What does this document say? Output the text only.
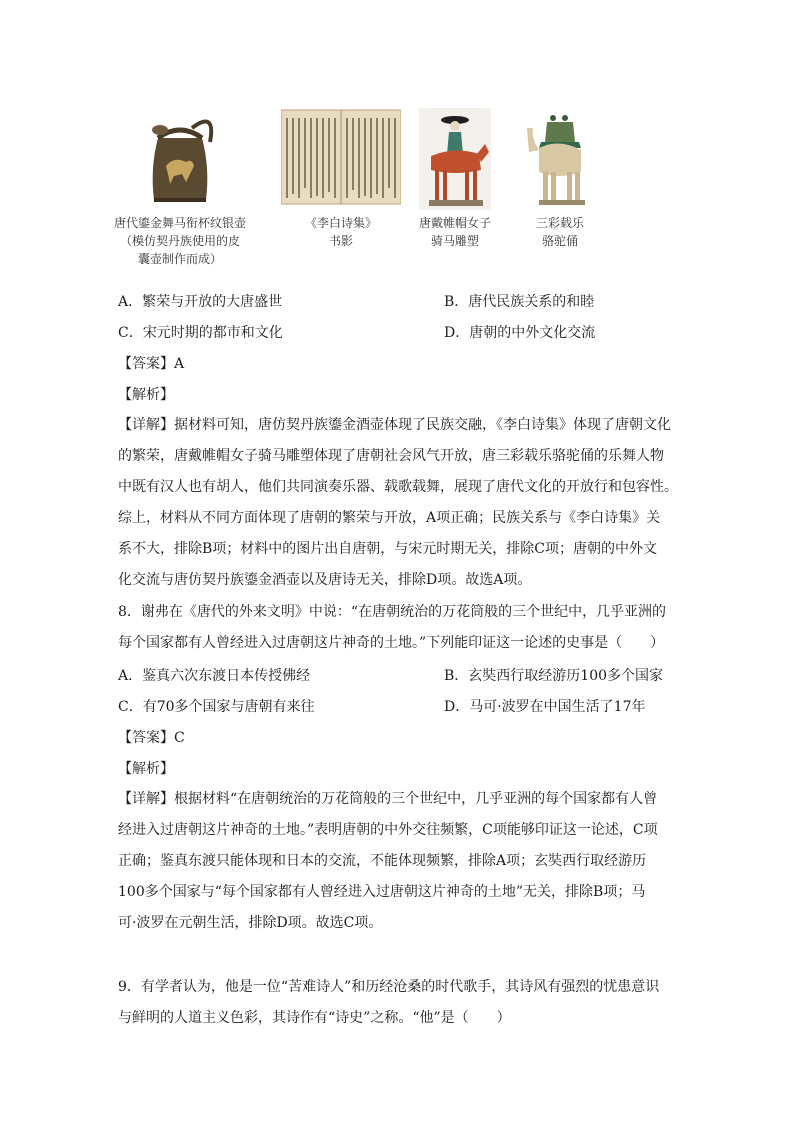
唐代鎏金舞马衔杯纹银壶
（模仿契丹族使用的皮
囊壶制作而成）
《李白诗集》
书影
唐戴帷帽女子
骑马雕塑
三彩载乐
骆驼俑
A．繁荣与开放的大唐盛世	B．唐代民族关系的和睦
C．宋元时期的都市和文化	D．唐朝的中外文化交流
【答案】A
【解析】

【详解】据材料可知，唐仿契丹族鎏金酒壶体现了民族交融，《李白诗集》体现了唐朝文化

的繁荣，唐戴帷帽女子骑马雕塑体现了唐朝社会风气开放，唐三彩载乐骆驼俑的乐舞人物

中既有汉人也有胡人，他们共同演奏乐器、载歌载舞，展现了唐代文化的开放行和包容性。

综上，材料从不同方面体现了唐朝的繁荣与开放，A项正确；民族关系与《李白诗集》关

系不大，排除B项；材料中的图片出自唐朝，与宋元时期无关，排除C项；唐朝的中外文

化交流与唐仿契丹族鎏金酒壶以及唐诗无关，排除D项。故选A项。

8．谢弗在《唐代的外来文明》中说：“在唐朝统治的万花筒般的三个世纪中，几乎亚洲的

每个国家都有人曾经进入过唐朝这片神奇的土地。”下列能印证这一论述的史事是（　　）

A．鉴真六次东渡日本传授佛经	B．玄奘西行取经游历100多个国家
C．有70多个国家与唐朝有来往	D．马可·波罗在中国生活了17年
【答案】C
【解析】

【详解】根据材料“在唐朝统治的万花筒般的三个世纪中，几乎亚洲的每个国家都有人曾

经进入过唐朝这片神奇的土地。”表明唐朝的中外交往频繁，C项能够印证这一论述，C项

正确；鉴真东渡只能体现和日本的交流，不能体现频繁，排除A项；玄奘西行取经游历

100多个国家与“每个国家都有人曾经进入过唐朝这片神奇的土地”无关，排除B项；马

可·波罗在元朝生活，排除D项。故选C项。

9．有学者认为，他是一位“苦难诗人”和历经沧桑的时代歌手，其诗风有强烈的忧患意识

与鲜明的人道主义色彩，其诗作有“诗史”之称。“他”是（　　）
